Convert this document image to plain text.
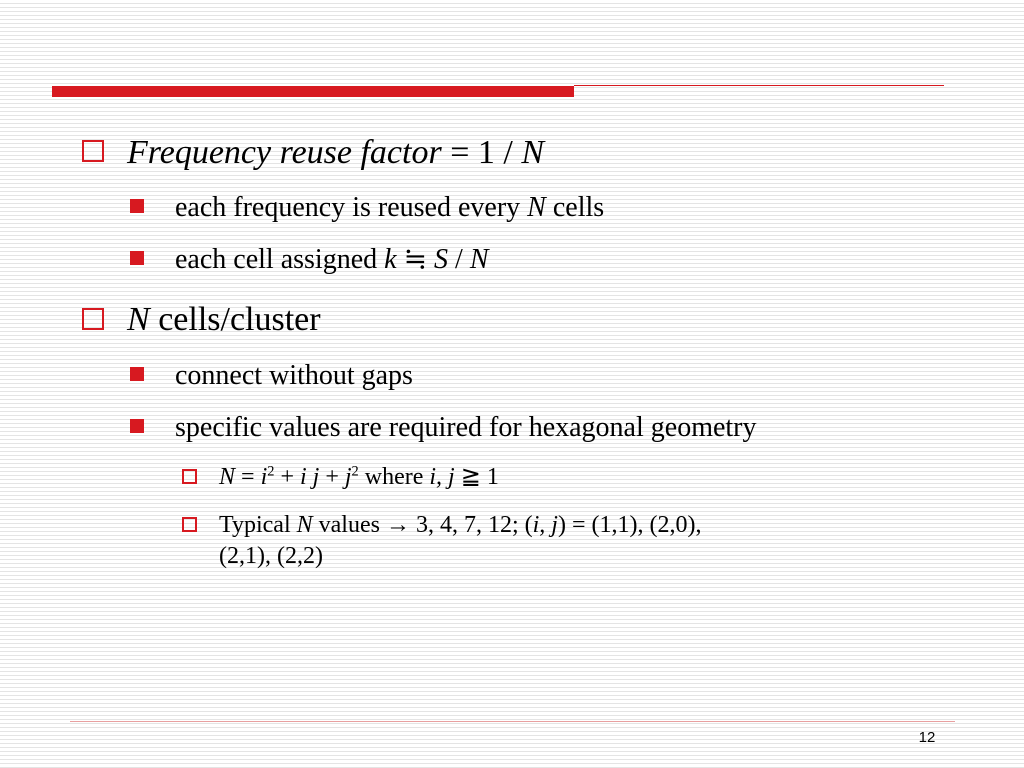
Frequency reuse factor = 1 / N
each frequency is reused every N cells
each cell assigned k ≒ S / N
N cells/cluster
connect without gaps
specific values are required for hexagonal geometry
$N = i^2 + i$ $j + j^2$ where i, j ≧ 1
Typical N values → 3, 4, 7, 12; (i, j) = (1,1), (2,0),
(2,1), (2,2)
12
